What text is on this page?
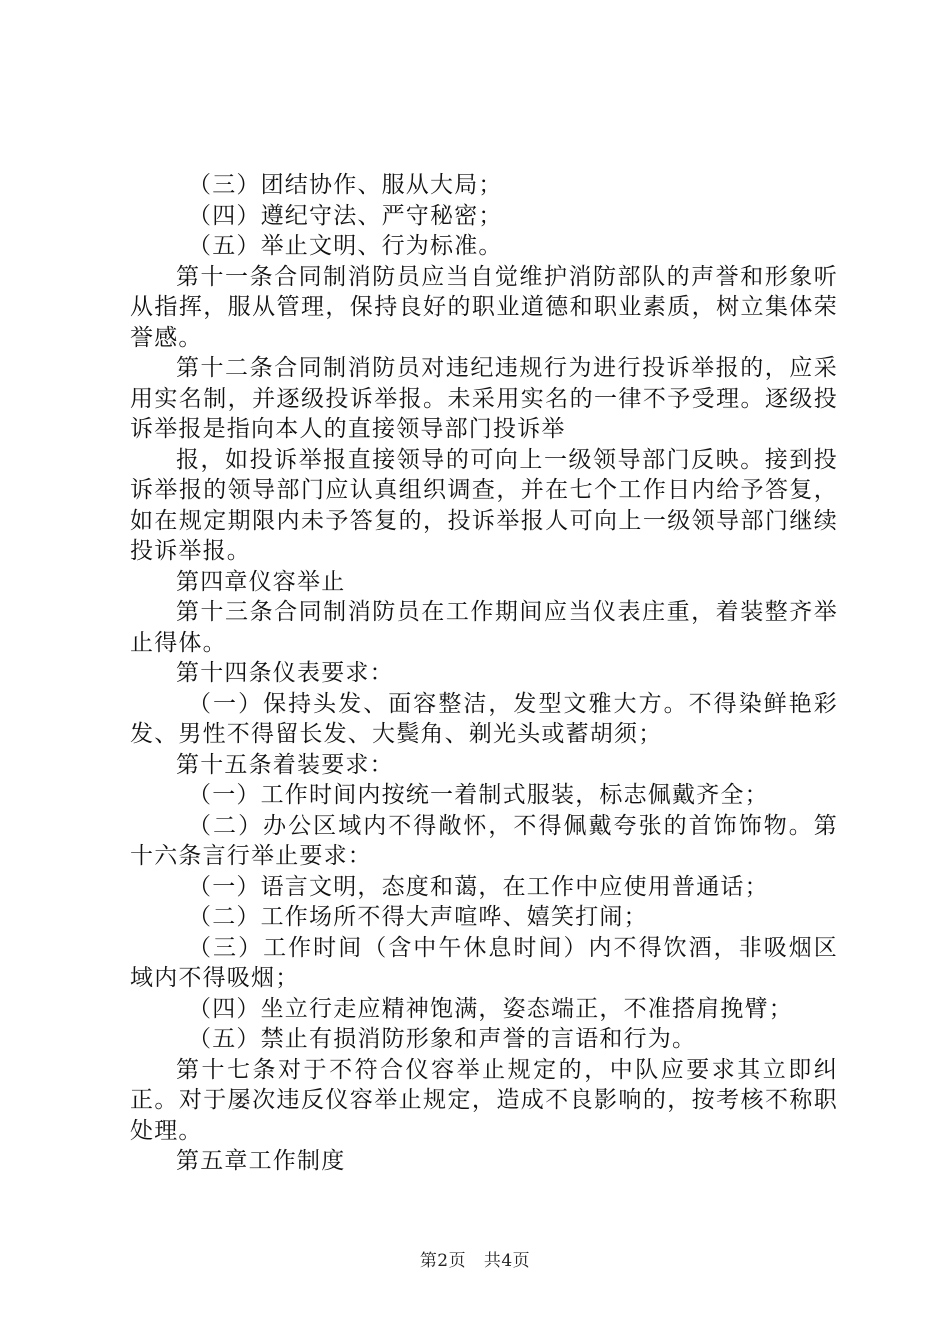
（三）团结协作、服从大局；

（四）遵纪守法、严守秘密；

（五）举止文明、行为标准。

第十一条合同制消防员应当自觉维护消防部队的声誉和形象听从指挥，服从管理，保持良好的职业道德和职业素质，树立集体荣誉感。

第十二条合同制消防员对违纪违规行为进行投诉举报的，应采用实名制，并逐级投诉举报。未采用实名的一律不予受理。逐级投诉举报是指向本人的直接领导部门投诉举

报，如投诉举报直接领导的可向上一级领导部门反映。接到投诉举报的领导部门应认真组织调查，并在七个工作日内给予答复，如在规定期限内未予答复的，投诉举报人可向上一级领导部门继续投诉举报。

第四章仪容举止

第十三条合同制消防员在工作期间应当仪表庄重，着装整齐举止得体。

第十四条仪表要求：

（一）保持头发、面容整洁，发型文雅大方。不得染鲜艳彩发、男性不得留长发、大鬓角、剃光头或蓄胡须；

第十五条着装要求：

（一）工作时间内按统一着制式服装，标志佩戴齐全；

（二）办公区域内不得敞怀，不得佩戴夸张的首饰饰物。第十六条言行举止要求：

（一）语言文明，态度和蔼，在工作中应使用普通话；

（二）工作场所不得大声喧哗、嬉笑打闹；

（三）工作时间（含中午休息时间）内不得饮酒，非吸烟区域内不得吸烟；

（四）坐立行走应精神饱满，姿态端正，不准搭肩挽臂；

（五）禁止有损消防形象和声誉的言语和行为。

第十七条对于不符合仪容举止规定的，中队应要求其立即纠正。对于屡次违反仪容举止规定，造成不良影响的，按考核不称职处理。

第五章工作制度

第2页 共4页
